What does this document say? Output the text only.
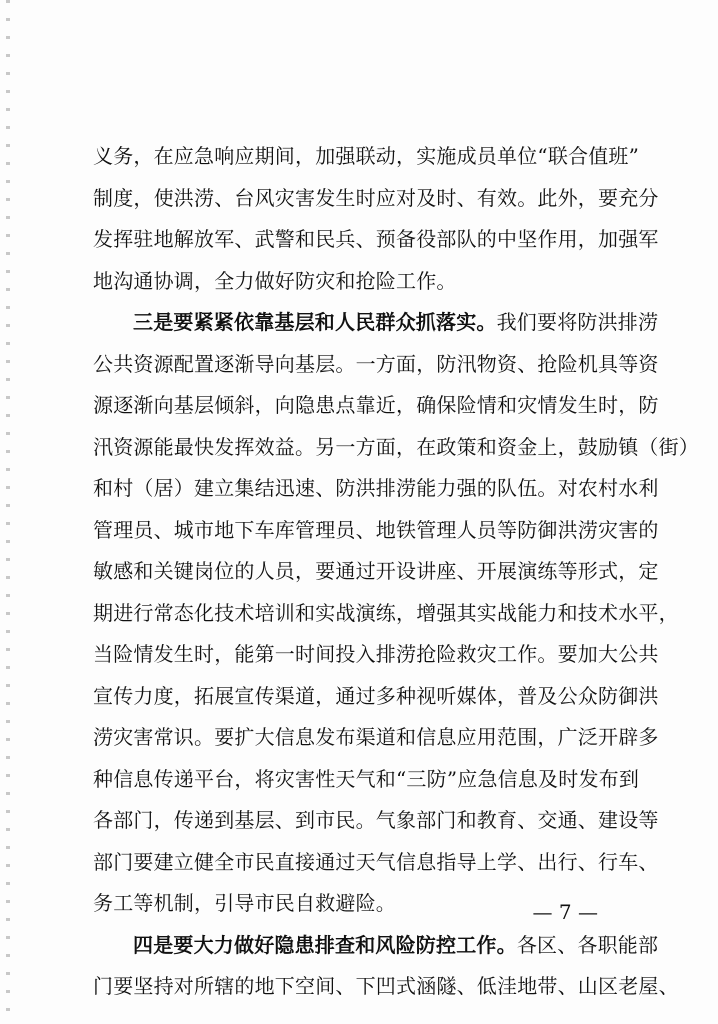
义务，在应急响应期间，加强联动，实施成员单位“联合值班”
制度，使洪涝、台风灾害发生时应对及时、有效。此外，要充分
发挥驻地解放军、武警和民兵、预备役部队的中坚作用，加强军
地沟通协调，全力做好防灾和抢险工作。
三是要紧紧依靠基层和人民群众抓落实。我们要将防洪排涝
公共资源配置逐渐导向基层。一方面，防汛物资、抢险机具等资
源逐渐向基层倾斜，向隐患点靠近，确保险情和灾情发生时，防
汛资源能最快发挥效益。另一方面，在政策和资金上，鼓励镇（街）
和村（居）建立集结迅速、防洪排涝能力强的队伍。对农村水利
管理员、城市地下车库管理员、地铁管理人员等防御洪涝灾害的
敏感和关键岗位的人员，要通过开设讲座、开展演练等形式，定
期进行常态化技术培训和实战演练，增强其实战能力和技术水平，
当险情发生时，能第一时间投入排涝抢险救灾工作。要加大公共
宣传力度，拓展宣传渠道，通过多种视听媒体，普及公众防御洪
涝灾害常识。要扩大信息发布渠道和信息应用范围，广泛开辟多
种信息传递平台，将灾害性天气和“三防”应急信息及时发布到
各部门，传递到基层、到市民。气象部门和教育、交通、建设等
部门要建立健全市民直接通过天气信息指导上学、出行、行车、
务工等机制，引导市民自救避险。
四是要大力做好隐患排查和风险防控工作。各区、各职能部
门要坚持对所辖的地下空间、下凹式涵隧、低洼地带、山区老屋、
— 7 —
